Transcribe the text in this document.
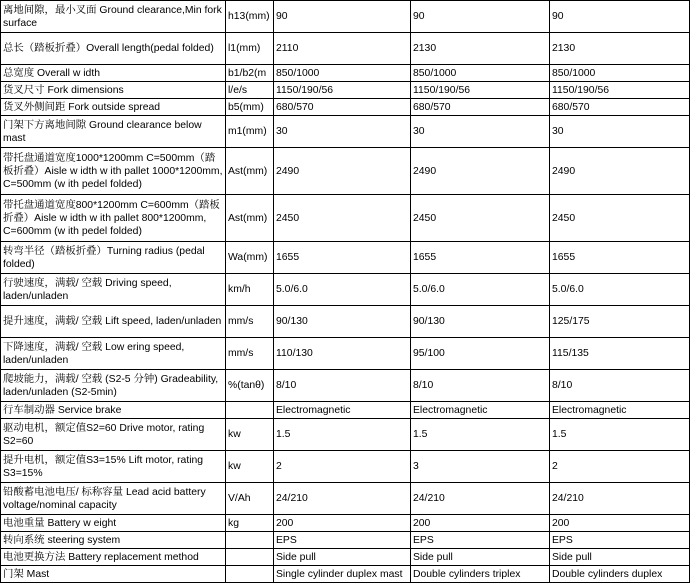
离地间隙，最小叉面 Ground clearance,Min fork surface	h13(mm)	90	90	90
总长（踏板折叠）Overall length(pedal folded)	l1(mm)	2110	2130	2130
总宽度 Overall w idth	b1/b2(m	850/1000	850/1000	850/1000
货叉尺寸 Fork dimensions	l/e/s	1150/190/56	1150/190/56	1150/190/56
货叉外侧间距 Fork outside spread	b5(mm)	680/570	680/570	680/570
门架下方离地间隙 Ground clearance below mast	m1(mm)	30	30	30
带托盘通道宽度1000*1200mm C=500mm（踏板折叠）Aisle w idth w ith pallet 1000*1200mm, C=500mm (w ith pedel folded)	Ast(mm)	2490	2490	2490
带托盘通道宽度800*1200mm C=600mm（踏板折叠）Aisle w idth w ith pallet 800*1200mm, C=600mm (w ith pedel folded)	Ast(mm)	2450	2450	2450
转弯半径（踏板折叠）Turning radius (pedal folded)	Wa(mm)	1655	1655	1655
行驶速度，满载/ 空载 Driving speed, laden/unladen	km/h	5.0/6.0	5.0/6.0	5.0/6.0
提升速度，满载/ 空载 Lift speed, laden/unladen	mm/s	90/130	90/130	125/175
下降速度，满载/ 空载 Low ering speed, laden/unladen	mm/s	110/130	95/100	115/135
爬坡能力，满载/ 空载 (S2-5 分钟) Gradeability, laden/unladen (S2-5min)	%(tanθ)	8/10	8/10	8/10
行车制动器 Service brake		Electromagnetic	Electromagnetic	Electromagnetic
驱动电机，额定值S2=60 Drive motor, rating S2=60	kw	1.5	1.5	1.5
提升电机，额定值S3=15% Lift motor, rating S3=15%	kw	2	3	2
铅酸蓄电池电压/ 标称容量 Lead acid battery voltage/nominal capacity	V/Ah	24/210	24/210	24/210
电池重量 Battery w eight	kg	200	200	200
转向系统 steering system		EPS	EPS	EPS
电池更换方法 Battery replacement method		Side pull	Side pull	Side pull
门架 Mast		Single cylinder duplex mast	Double cylinders triplex	Double cylinders duplex
